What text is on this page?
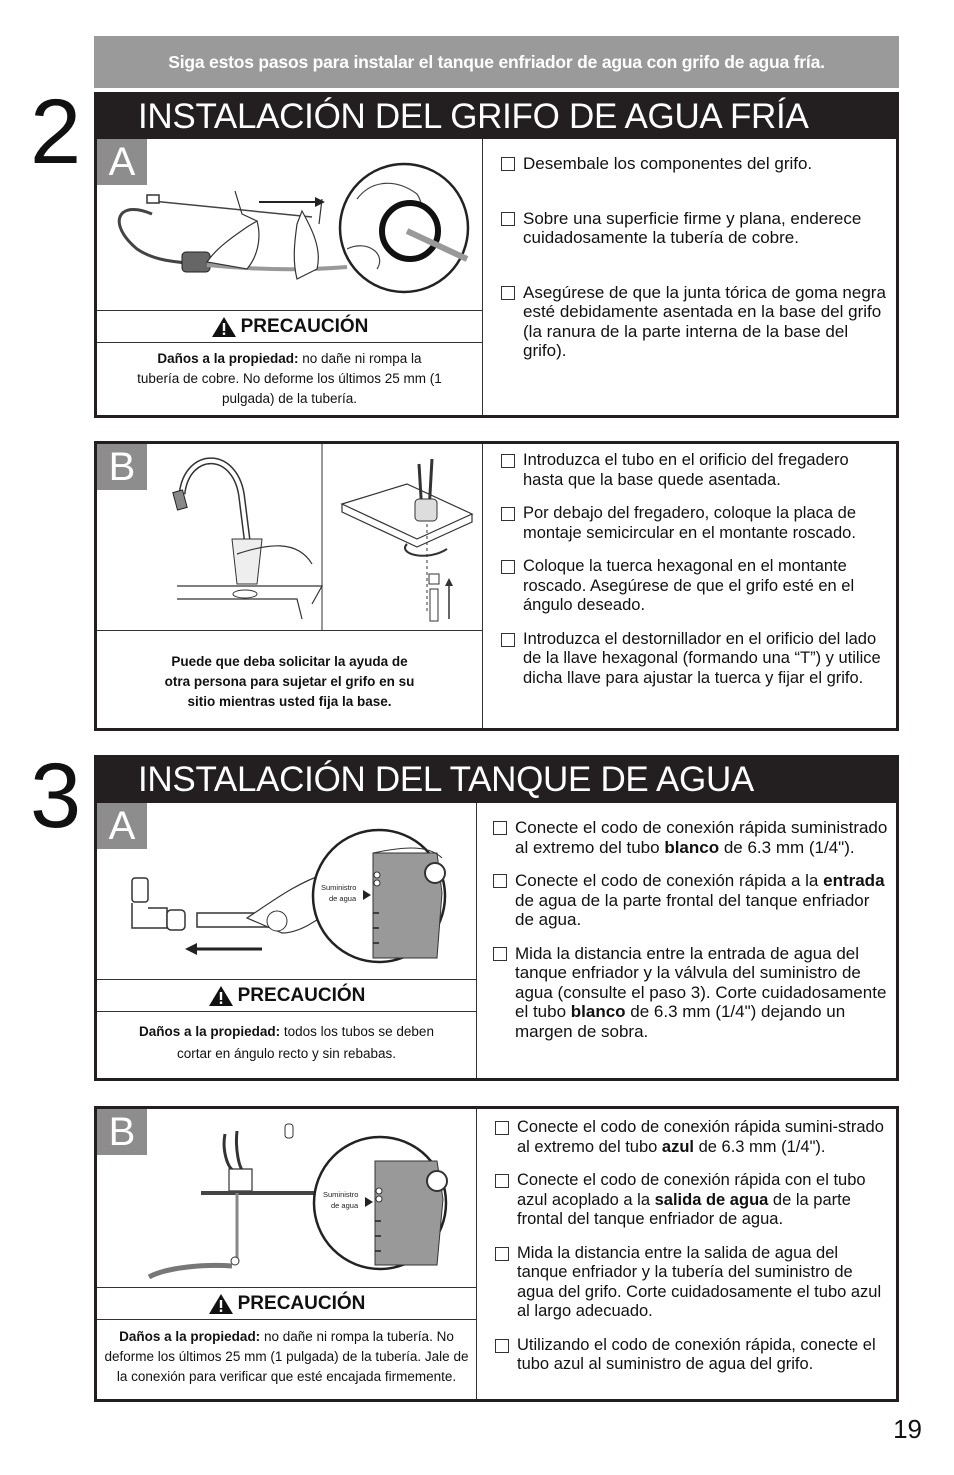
Siga estos pasos para instalar el tanque enfriador de agua con grifo de agua fría.
2	INSTALACIÓN DEL GRIFO DE AGUA FRÍA
A
PRECAUCIÓN
Daños a la propiedad: no dañe ni rompa la tubería de cobre. No deforme los últimos 25 mm (1 pulgada) de la tubería.
Desembale los componentes del grifo.
Sobre una superficie firme y plana, enderece cuidadosamente la tubería de cobre.
Asegúrese de que la junta tórica de goma negra esté debidamente asentada en la base del grifo (la ranura de la parte interna de la base del grifo).
B
Puede que deba solicitar la ayuda de otra persona para sujetar el grifo en su sitio mientras usted fija la base.
Introduzca el tubo en el orificio del fregadero hasta que la base quede asentada.
Por debajo del fregadero, coloque la placa de montaje semicircular en el montante roscado.
Coloque la tuerca hexagonal en el montante roscado. Asegúrese de que el grifo esté en el ángulo deseado.
Introduzca el destornillador en el orificio del lado de la llave hexagonal (formando una “T”) y utilice dicha llave para ajustar la tuerca y fijar el grifo.
3	INSTALACIÓN DEL TANQUE DE AGUA
A
Suministro
de agua
PRECAUCIÓN
Daños a la propiedad: todos los tubos se deben cortar en ángulo recto y sin rebabas.
Conecte el codo de conexión rápida suministrado al extremo del tubo blanco de 6.3 mm (1/4").
Conecte el codo de conexión rápida a la entrada de agua de la parte frontal del tanque enfriador de agua.
Mida la distancia entre la entrada de agua del tanque enfriador y la válvula del suministro de agua (consulte el paso 3). Corte cuidadosamente el tubo blanco de 6.3 mm (1/4") dejando un margen de sobra.
B
Suministro
de agua
PRECAUCIÓN
Daños a la propiedad: no dañe ni rompa la tubería. No deforme los últimos 25 mm (1 pulgada) de la tubería. Jale de la conexión para verificar que esté encajada firmemente.
Conecte el codo de conexión rápida sumini-strado al extremo del tubo azul de 6.3 mm (1/4").
Conecte el codo de conexión rápida con el tubo azul acoplado a la salida de agua de la parte frontal del tanque enfriador de agua.
Mida la distancia entre la salida de agua del tanque enfriador y la tubería del suministro de agua del grifo. Corte cuidadosamente el tubo azul al largo adecuado.
Utilizando el codo de conexión rápida, conecte el tubo azul al suministro de agua del grifo.
19
